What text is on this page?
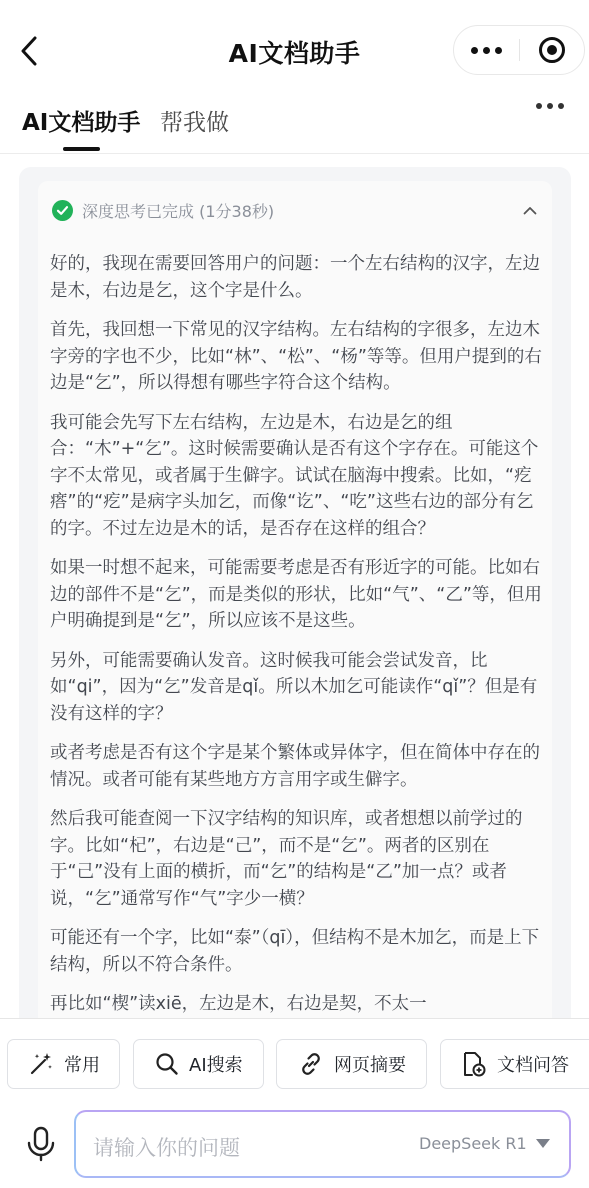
AI文档助手
AI文档助手 帮我做
深度思考已完成 (1分38秒)

好的，我现在需要回答用户的问题：一个左右结构的汉字，左边是木，右边是乞，这个字是什么。

首先，我回想一下常见的汉字结构。左右结构的字很多，左边木字旁的字也不少，比如“林”、“松”、“杨”等等。但用户提到的右边是“乞”，所以得想有哪些字符合这个结构。

我可能会先写下左右结构，左边是木，右边是乞的组合：“木”+“乞”。这时候需要确认是否有这个字存在。可能这个字不太常见，或者属于生僻字。试试在脑海中搜索。比如，“疙瘩”的“疙”是病字头加乞，而像“讫”、“吃”这些右边的部分有乞的字。不过左边是木的话，是否存在这样的组合？

如果一时想不起来，可能需要考虑是否有形近字的可能。比如右边的部件不是“乞”，而是类似的形状，比如“气”、“乙”等，但用户明确提到是“乞”，所以应该不是这些。

另外，可能需要确认发音。这时候我可能会尝试发音，比如“qi”，因为“乞”发音是qǐ。所以木加乞可能读作“qǐ”？但是有没有这样的字？

或者考虑是否有这个字是某个繁体或异体字，但在简体中存在的情况。或者可能有某些地方方言用字或生僻字。

然后我可能查阅一下汉字结构的知识库，或者想想以前学过的字。比如“杞”，右边是“己”，而不是“乞”。两者的区别在于“己”没有上面的横折，而“乞”的结构是“乙”加一点？或者说，“乞”通常写作“气”字少一横？

可能还有一个字，比如“泰”（qī），但结构不是木加乞，而是上下结构，所以不符合条件。

再比如“楔”读xiē，左边是木，右边是契，不太一

常用	AI搜索	网页摘要	文档问答
请输入你的问题	DeepSeek R1
